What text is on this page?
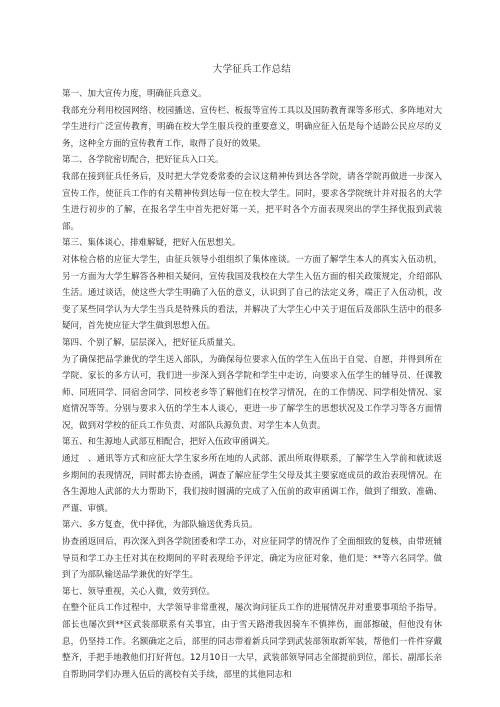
大学征兵工作总结

第一、加大宣传力度，明确征兵意义。

我部充分利用校园网络、校园播送、宣传栏、板报等宣传工具以及国防教育课等多形式、多阵地对大学生进行广泛宣传教育，明确在校大学生服兵役的重要意义，明确应征入伍是每个适龄公民应尽的义务，这种全方面的宣传教育工作，取得了良好的效果。

第二、各学院密切配合，把好征兵入口关。

我部在接到征兵任务后，及时把大学党委常委的会议这精神传到达各学院，请各学院再做进一步深入宣传工作，使征兵工作的有关精神传到达每一位在校大学生。同时，要求各学院统计并对报名的大学生进行初步的了解，在报名学生中首先把好第一关，把平时各个方面表现突出的学生择优报到武装部。

第三、集体谈心，排难解疑，把好入伍思想关。

对体检合格的应征大学生，由征兵领导小组组织了集体座谈。一方面了解学生本人的真实入伍动机，另一方面为大学生解答各种相关疑问，宣传我国及我校在大学生入伍方面的相关政策规定，介绍部队生活。通过谈话，使这些大学生明确了入伍的意义，认识到了自己的法定义务，端正了入伍动机，改变了某些同学认为大学生当兵是特殊兵的看法，并解决了大学生心中关于退伍后及部队生活中的很多疑问，首先使应征大学生做到思想入伍。

第四、个别了解，层层深入，把好征兵质量关。

为了确保把品学兼优的学生送入部队，为确保每位要求入伍的学生入伍出于自觉、自愿，并得到所在学院、家长的多方认可，我们进一步深入到各学院和学生中走访，向要求入伍学生的辅导员、任课教师、同班同学、同宿舍同学、同校老乡等了解他们在校学习情况，在的工作情况、同学相处情况、家庭情况等等。分别与要求入伍的学生本人谈心，更进一步了解学生的思想状况及工作学习等各方面情况，做到对学校的征兵工作负责、对部队兵源负责、对学生本人负责。

第五、和生源地人武部互相配合，把好入伍政审函调关。

通过　、通讯等方式和应征大学生家乡所在地的人武部、派出所取得联系，了解学生入学前和就读返乡期间的表现情况，同时都去协查函，调查了解应征学生父母及其主要家庭成员的政治表现情况。在各生源地人武部的大力帮助下，我们按时圆满的完成了入伍前的政审函调工作，做到了细致、准确、严谨、审慎。

第六、多方复查，优中择优，为部队输送优秀兵员。

协查函返回后，再次深入到各学院团委和学工办，对应征同学的情况作了全面细致的复核，由带班辅导员和学工办主任对其在校期间的平时表现给予评定，确定为应征对象，他们是：**等六名同学。做到了为部队输送品学兼优的好学生。

第七、领导重视，关心入微，效劳到位。

在整个征兵工作过程中，大学领导非常重视，屡次询问征兵工作的进展情况并对重要事项给予指导。部长也屡次到**区武装部联系有关事宜，由于雪天路滑我因骑车不慎摔伤，面部擦破，但他没有休息，仍坚持工作。名额确定之后，部里的同志带着新兵同学到武装部领取新军装，帮他们一件件穿戴整齐，手把手地教他们打好背包。12月10日一大早，武装部领导同志全部提前到位，部长、副部长亲自帮助同学们办理入伍后的离校有关手续，部里的其他同志和
